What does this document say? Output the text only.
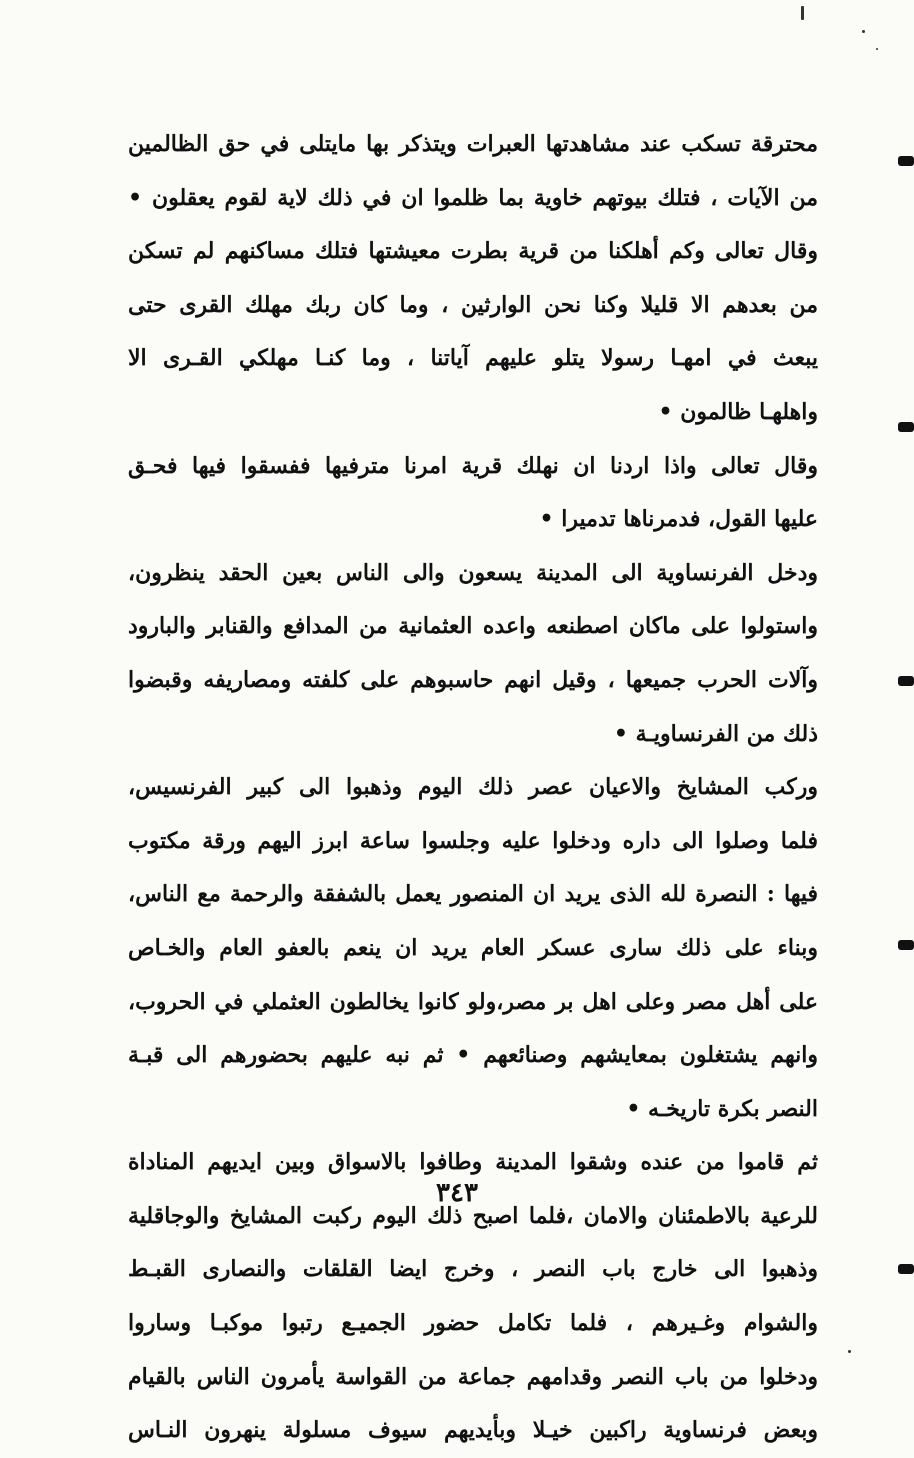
محترقة تسكب عند مشاهدتها العبرات ويتذكر بها مايتلى في حق الظالمين
من الآيات ، فتلك بيوتهم خاوية بما ظلموا ان في ذلك لاية لقوم يعقلون •
وقال تعالى وكم أهلكنا من قرية بطرت معيشتها فتلك مساكنهم لم تسكن
من بعدهم الا قليلا وكنا نحن الوارثين ، وما كان ربك مهلك القرى حتى
يبعث في امهـا رسولا يتلو عليهم آياتنا ، وما كنـا مهلكي القـرى الا
واهلهـا ظالمون •
وقال تعالى واذا اردنا ان نهلك قرية امرنا مترفيها ففسقوا فيها فحـق
عليها القول، فدمرناها تدميرا •
ودخل الفرنساوية الى المدينة يسعون والى الناس بعين الحقد ينظرون،
واستولوا على ماكان اصطنعه واعده العثمانية من المدافع والقنابر والبارود
وآلات الحرب جميعها ، وقيل انهم حاسبوهم على كلفته ومصاريفه وقبضوا
ذلك من الفرنساويـة •
وركب المشايخ والاعيان عصر ذلك اليوم وذهبوا الى كبير الفرنسيس،
فلما وصلوا الى داره ودخلوا عليه وجلسوا ساعة ابرز اليهم ورقة مكتوب
فيها : النصرة لله الذى يريد ان المنصور يعمل بالشفقة والرحمة مع الناس،
وبناء على ذلك سارى عسكر العام يريد ان ينعم بالعفو العام والخـاص
على أهل مصر وعلى اهل بر مصر،ولو كانوا يخالطون العثملي في الحروب،
وانهم يشتغلون بمعايشهم وصنائعهم • ثم نبه عليهم بحضورهم الى قبـة
النصر بكرة تاريخـه •
ثم قاموا من عنده وشقوا المدينة وطافوا بالاسواق وبين ايديهم المناداة
للرعية بالاطمئنان والامان ،فلما اصبح ذلك اليوم ركبت المشايخ والوجاقلية
وذهبوا الى خارج باب النصر ، وخرج ايضا القلقات والنصارى القبـط
والشوام وغـيرهم ، فلما تكامل حضور الجميـع رتبوا موكبـا وساروا
ودخلوا من باب النصر وقدامهم جماعة من القواسة يأمرون الناس بالقيام
وبعض فرنساوية راكبين خيـلا وبأيديهم سيوف مسلولة ينهرون النـاس
٣٤٣
